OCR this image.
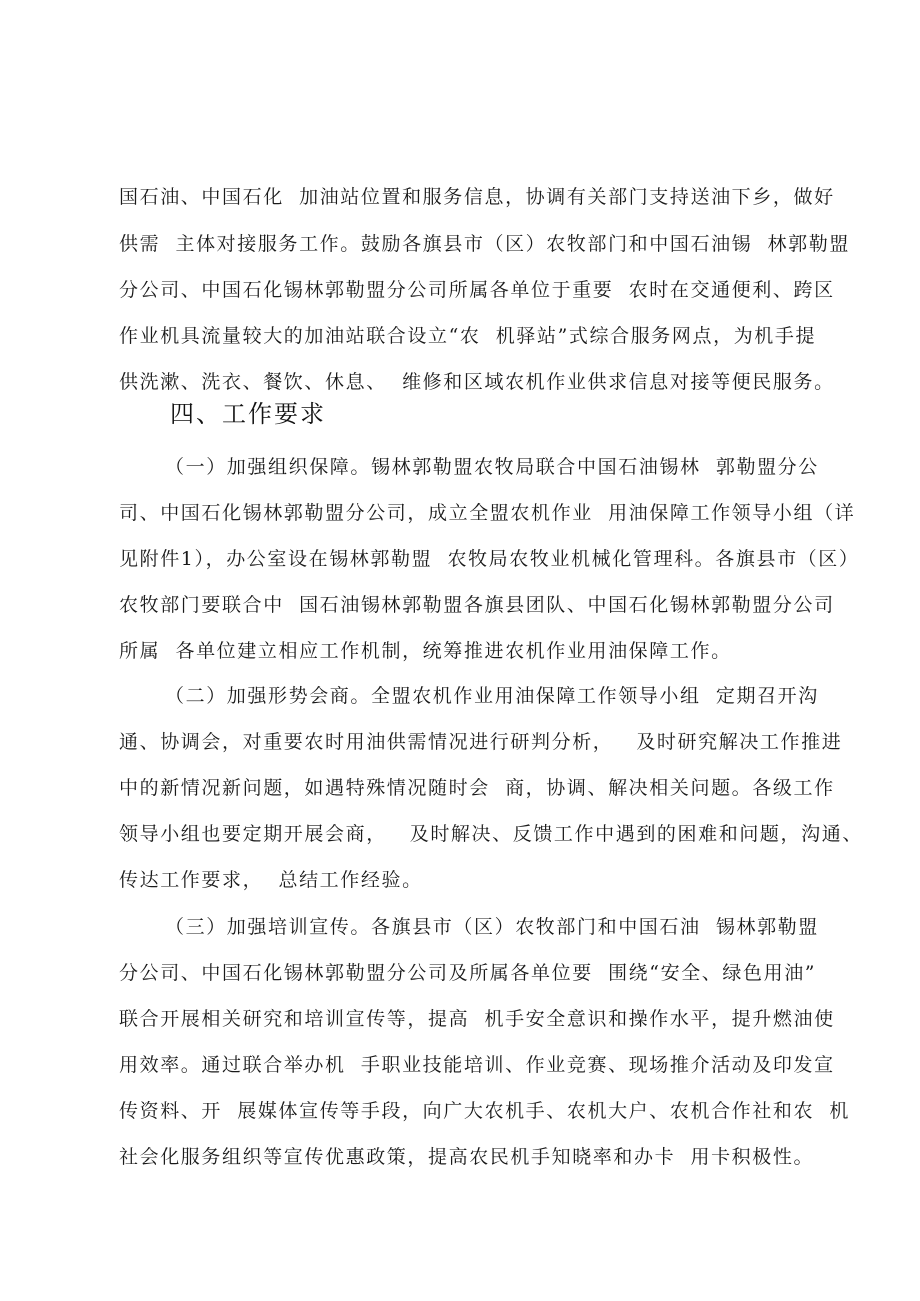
国石油、中国石化  加油站位置和服务信息，协调有关部门支持送油下乡，做好
供需  主体对接服务工作。鼓励各旗县市（区）农牧部门和中国石油锡  林郭勒盟
分公司、中国石化锡林郭勒盟分公司所属各单位于重要  农时在交通便利、跨区
作业机具流量较大的加油站联合设立“农  机驿站”式综合服务网点，为机手提
供洗漱、洗衣、餐饮、休息、  维修和区域农机作业供求信息对接等便民服务。
四、工作要求
（一）加强组织保障。锡林郭勒盟农牧局联合中国石油锡林  郭勒盟分公
司、中国石化锡林郭勒盟分公司，成立全盟农机作业  用油保障工作领导小组（详
见附件1），办公室设在锡林郭勒盟  农牧局农牧业机械化管理科。各旗县市（区）
农牧部门要联合中  国石油锡林郭勒盟各旗县团队、中国石化锡林郭勒盟分公司
所属  各单位建立相应工作机制，统筹推进农机作业用油保障工作。
（二）加强形势会商。全盟农机作业用油保障工作领导小组  定期召开沟
通、协调会，对重要农时用油供需情况进行研判分析，   及时研究解决工作推进
中的新情况新问题，如遇特殊情况随时会  商，协调、解决相关问题。各级工作
领导小组也要定期开展会商，   及时解决、反馈工作中遇到的困难和问题，沟通、
传达工作要求，  总结工作经验。
（三）加强培训宣传。各旗县市（区）农牧部门和中国石油  锡林郭勒盟
分公司、中国石化锡林郭勒盟分公司及所属各单位要  围绕“安全、绿色用油”
联合开展相关研究和培训宣传等，提高  机手安全意识和操作水平，提升燃油使
用效率。通过联合举办机  手职业技能培训、作业竞赛、现场推介活动及印发宣
传资料、开  展媒体宣传等手段，向广大农机手、农机大户、农机合作社和农  机
社会化服务组织等宣传优惠政策，提高农民机手知晓率和办卡  用卡积极性。
